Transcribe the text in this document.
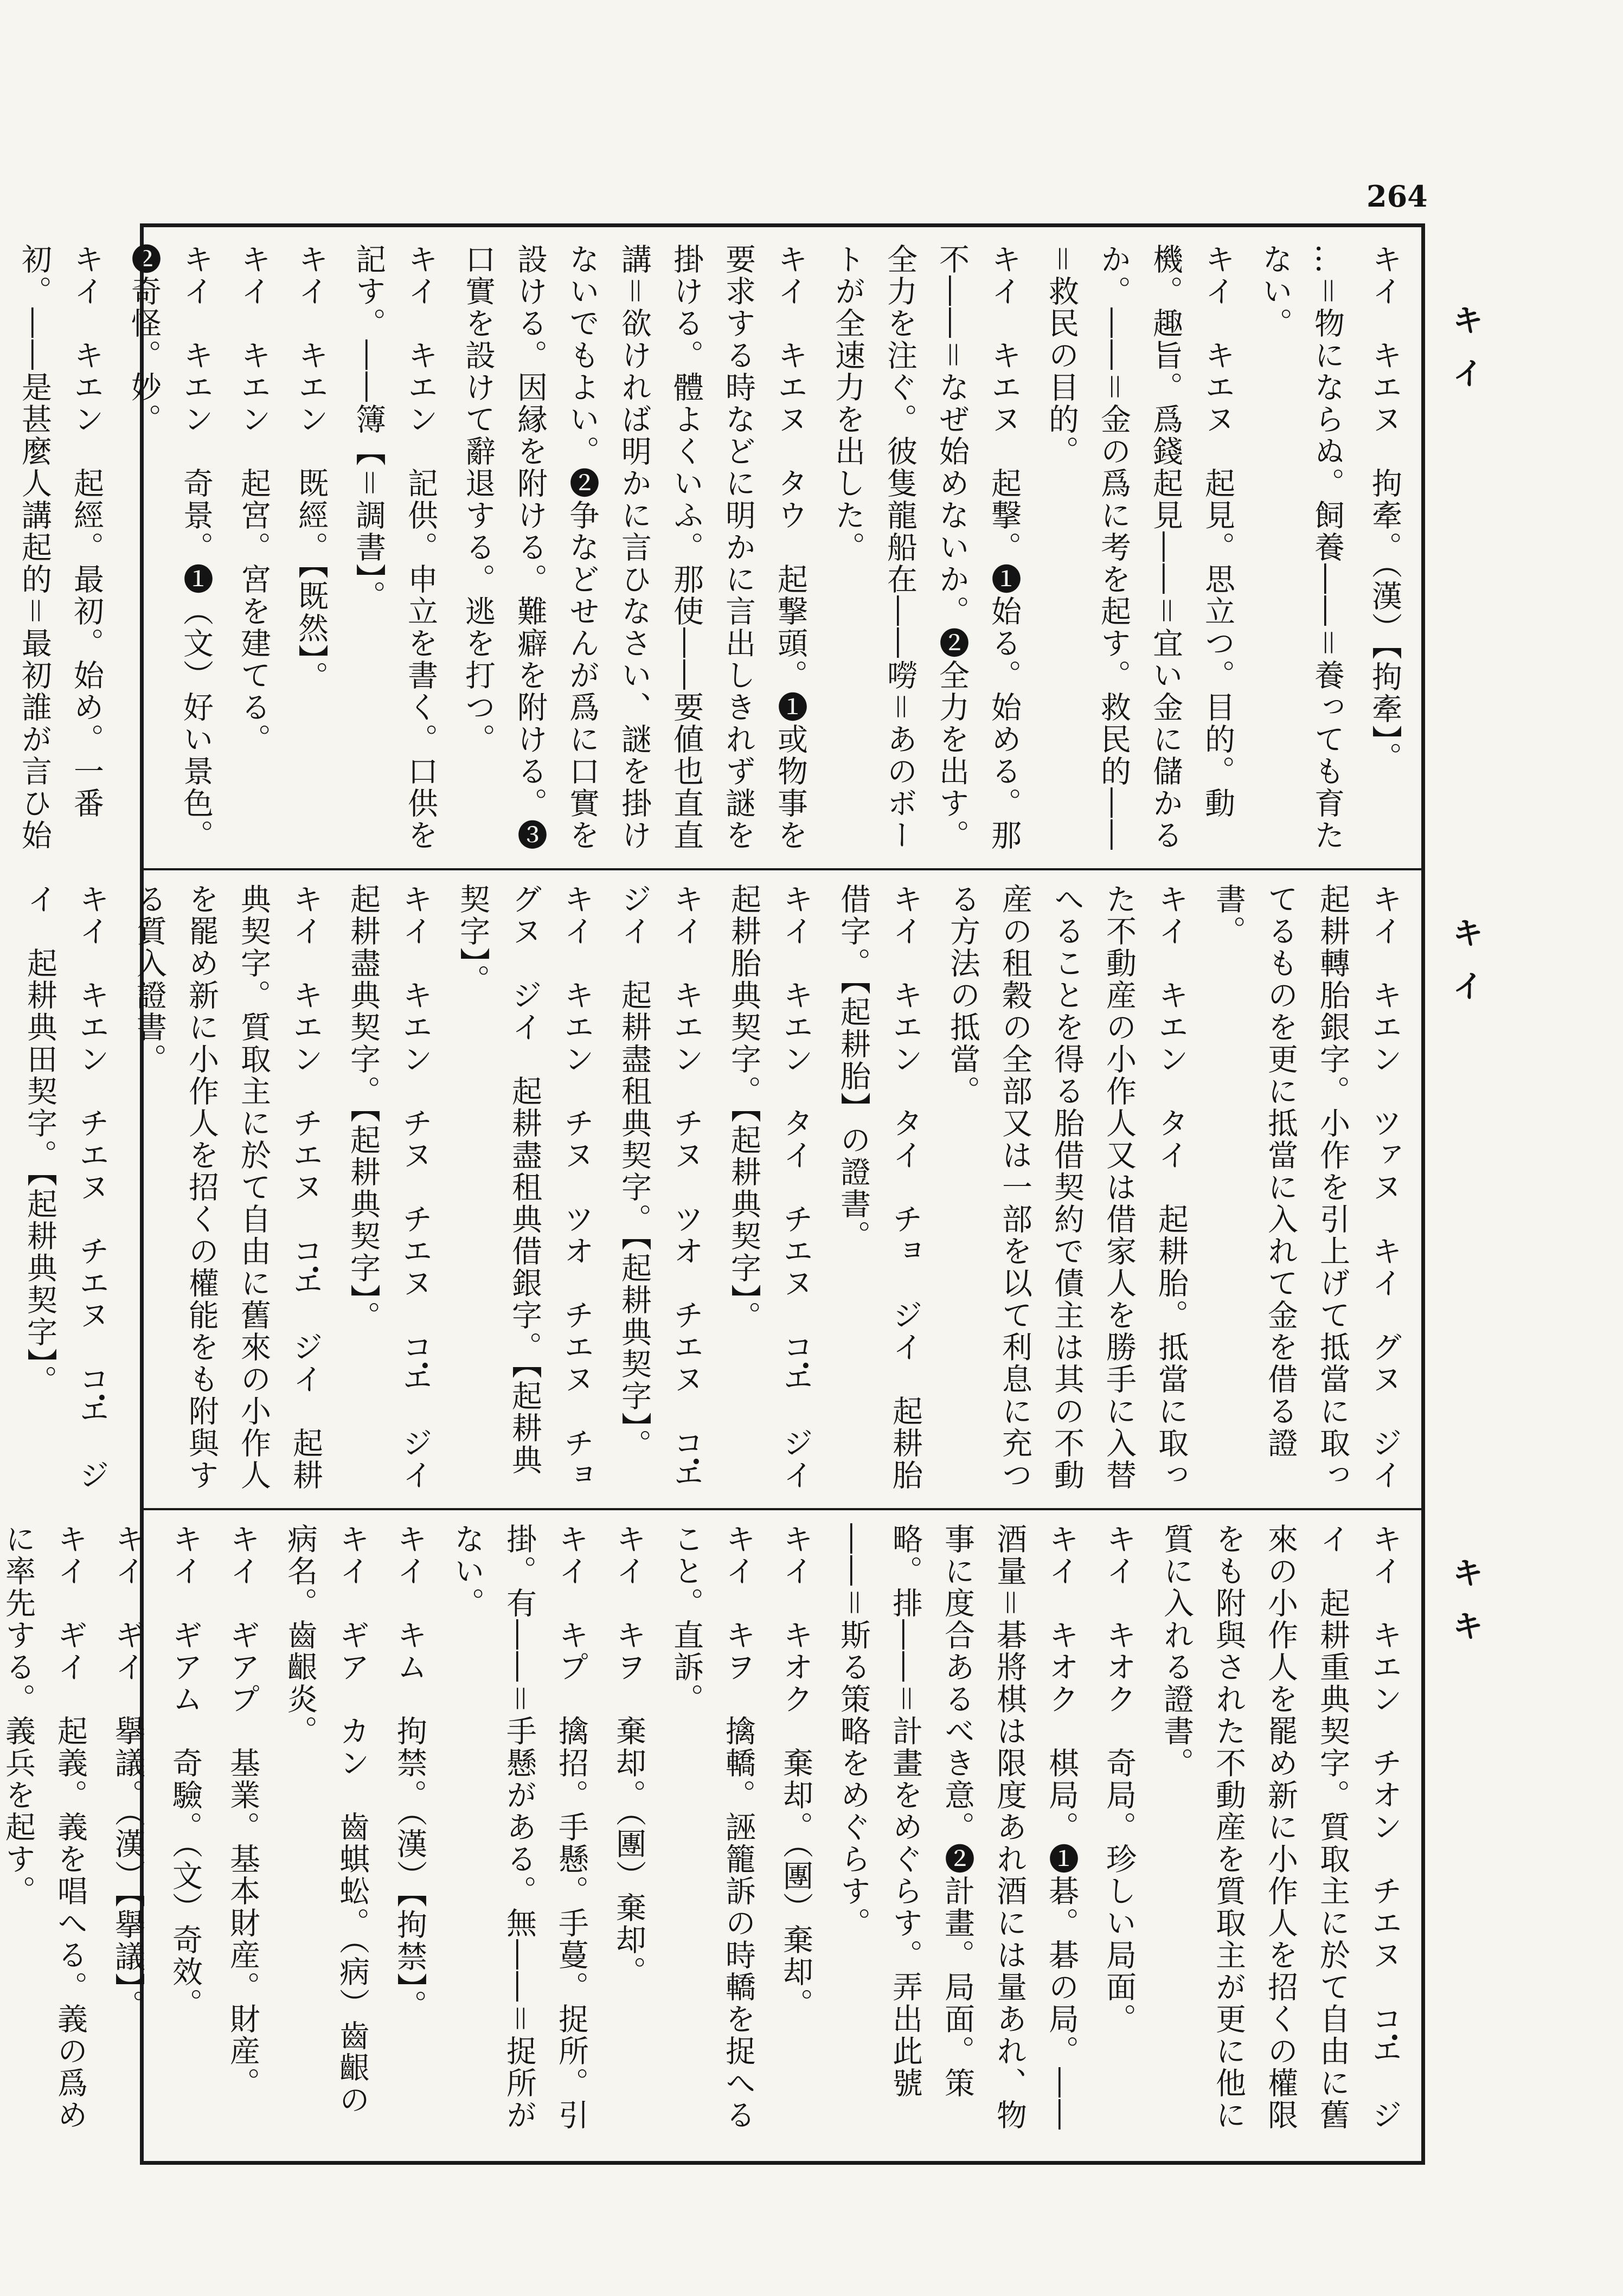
264
キイ
キイ
キキ
キイ　キエヌ　拘牽。（漢）【拘牽】。
…＝物にならぬ。飼養――＝養っても育たない。
キイ　キエヌ　起見。思立つ。目的。動機。趣旨。爲錢起見――＝宜い金に儲かるか。――＝金の爲に考を起す。救民的――＝救民の目的。
キイ　キエヌ　起撃。❶始る。始める。那不――＝なぜ始めないか。❷全力を出す。全力を注ぐ。彼隻龍船在――嘮＝あのボートが全速力を出した。
キイ　キエヌ　タウ　起撃頭。❶或物事を要求する時などに明かに言出しきれず謎を掛ける。體よくいふ。那使――要値也直直講＝欲ければ明かに言ひなさい、謎を掛けないでもよい。❷争などせんが爲に口實を設ける。因縁を附ける。難癖を附ける。❸口實を設けて辭退する。逃を打つ。
キイ　キエン　記供。申立を書く。口供を記す。――簿【＝調書】。
キイ　キエン　既經。【既然】。
キイ　キエン　起宮。宮を建てる。
キイ　キエン　奇景。❶（文）好い景色。❷奇怪。妙。
キイ　キエン　起經。最初。始め。一番初。――是甚麼人講起的＝最初誰が言ひ始
キイ　キエン　ツァヌ　キイ　グヌ　ジイ　起耕轉胎銀字。小作を引上げて抵當に取ってるものを更に抵當に入れて金を借る證書。
キイ　キエン　タイ　起耕胎。抵當に取った不動産の小作人又は借家人を勝手に入替へることを得る胎借契約で債主は其の不動産の租穀の全部又は一部を以て利息に充つる方法の抵當。
キイ　キエン　タイ　チョ　ジイ　起耕胎借字。【起耕胎】の證書。
キイ　キエン　タイ　チエヌ　コ̇エ　ジイ　起耕胎典契字。【起耕典契字】。
キイ　キエン　チヌ　ツオ　チエヌ　コ̇エ　ジイ　起耕盡租典契字。【起耕典契字】。
キイ　キエン　チヌ　ツオ　チエヌ　チョ　グヌ　ジイ　起耕盡租典借銀字。【起耕典契字】。
キイ　キエン　チヌ　チエヌ　コ̇エ　ジイ　起耕盡典契字。【起耕典契字】。
キイ　キエン　チエヌ　コ̇エ　ジイ　起耕典契字。質取主に於て自由に舊來の小作人を罷め新に小作人を招くの權能をも附與する質入證書。
キイ　キエン　チエヌ　チエヌ　コ̇エ　ジイ　起耕典田契字。【起耕典契字】。
キイ　キエン　チオン　チエヌ　コ̇エ　ジイ　起耕重典契字。質取主に於て自由に舊來の小作人を罷め新に小作人を招くの權限をも附與された不動産を質取主が更に他に質に入れる證書。
キイ　キオク　奇局。珍しい局面。
キイ　キオク　棋局。❶碁。碁の局。――酒量＝碁將棋は限度あれ酒には量あれ、物事に度合あるべき意。❷計畫。局面。策略。排――＝計畫をめぐらす。弄出此號――＝斯る策略をめぐらす。
キイ　キオク　棄却。（團）棄却。
キイ　キヲ　擒轎。誣籠訴の時轎を捉へること。直訴。
キイ　キヲ　棄却。（團）棄却。
キイ　キプ　擒招。手懸。手蔓。捉所。引掛。有――＝手懸がある。無――＝捉所がない。
キイ　キム　拘禁。（漢）【拘禁】。
キイ　ギア　カン　齒蜞蚣。（病）齒齦の病名。齒齦炎。
キイ　ギアプ　基業。基本財産。財産。
キイ　ギアム　奇驗。（文）奇效。
キイ　ギイ　擧議。（漢）【擧議】。
キイ　ギイ　起義。義を唱へる。義の爲めに率先する。義兵を起す。
